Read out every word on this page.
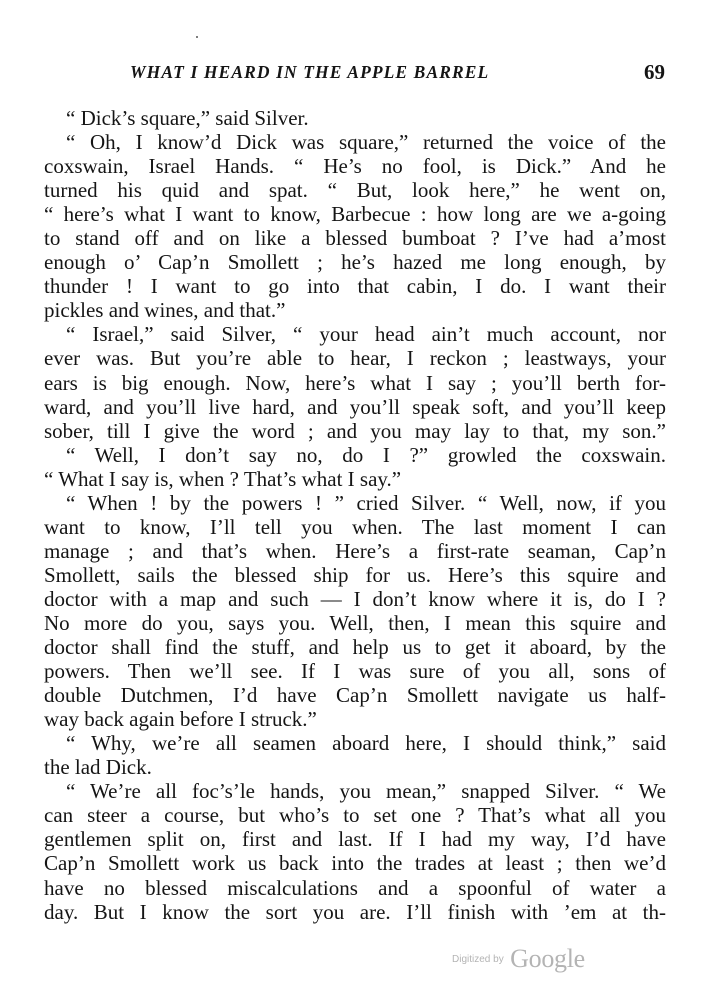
WHAT I HEARD IN THE APPLE BARREL	69

“ Dick’s square,” said Silver.

“ Oh, I know’d Dick was square,” returned the voice of the

coxswain, Israel Hands. “ He’s no fool, is Dick.” And he

turned his quid and spat. “ But, look here,” he went on,

“ here’s what I want to know, Barbecue : how long are we a-going

to stand off and on like a blessed bumboat ? I’ve had a’most

enough o’ Cap’n Smollett ; he’s hazed me long enough, by

thunder ! I want to go into that cabin, I do. I want their

pickles and wines, and that.”

“ Israel,” said Silver, “ your head ain’t much account, nor

ever was. But you’re able to hear, I reckon ; leastways, your

ears is big enough. Now, here’s what I say ; you’ll berth for-

ward, and you’ll live hard, and you’ll speak soft, and you’ll keep

sober, till I give the word ; and you may lay to that, my son.”

“ Well, I don’t say no, do I ?” growled the coxswain.

“ What I say is, when ? That’s what I say.”

“ When ! by the powers ! ” cried Silver. “ Well, now, if you

want to know, I’ll tell you when. The last moment I can

manage ; and that’s when. Here’s a first-rate seaman, Cap’n

Smollett, sails the blessed ship for us. Here’s this squire and

doctor with a map and such — I don’t know where it is, do I ?

No more do you, says you. Well, then, I mean this squire and

doctor shall find the stuff, and help us to get it aboard, by the

powers. Then we’ll see. If I was sure of you all, sons of

double Dutchmen, I’d have Cap’n Smollett navigate us half-

way back again before I struck.”

“ Why, we’re all seamen aboard here, I should think,” said

the lad Dick.

“ We’re all foc’s’le hands, you mean,” snapped Silver. “ We

can steer a course, but who’s to set one ? That’s what all you

gentlemen split on, first and last. If I had my way, I’d have

Cap’n Smollett work us back into the trades at least ; then we’d

have no blessed miscalculations and a spoonful of water a

day. But I know the sort you are. I’ll finish with ’em at th-

$^{Digitized by}$ Google
